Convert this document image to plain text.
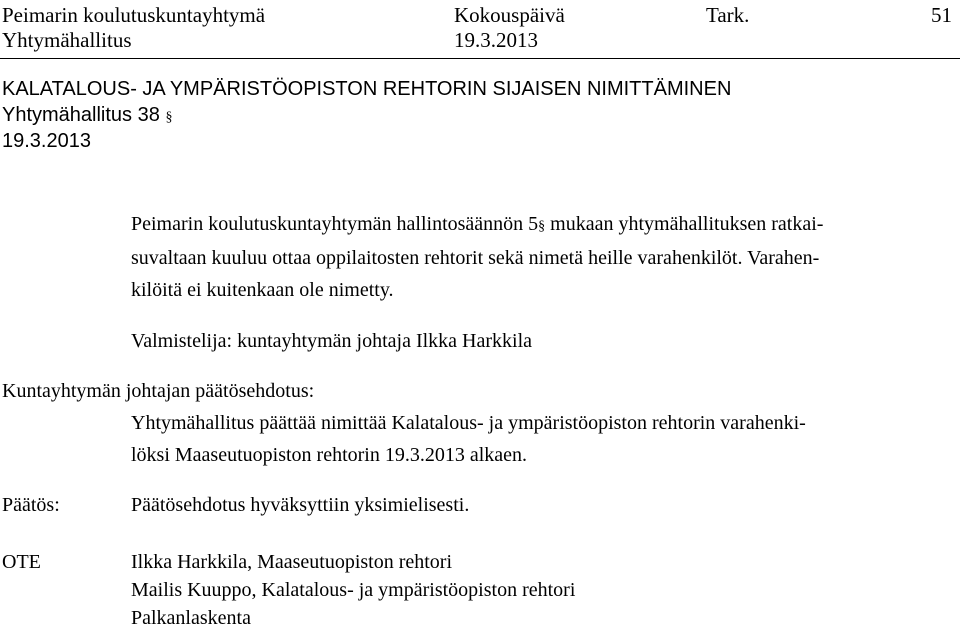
Peimarin koulutuskuntayhtymä	Kokouspäivä	Tark.	51
Yhtymähallitus	19.3.2013
KALATALOUS- JA YMPÄRISTÖOPISTON REHTORIN SIJAISEN NIMITTÄMINEN
Yhtymähallitus 38 §
19.3.2013
Peimarin koulutuskuntayhtymän hallintosäännön 5§ mukaan yhtymähallituksen ratkai-
suvaltaan kuuluu ottaa oppilaitosten rehtorit sekä nimetä heille varahenkilöt. Varahen-
kilöitä ei kuitenkaan ole nimetty.
Valmistelija: kuntayhtymän johtaja Ilkka Harkkila
Kuntayhtymän johtajan päätösehdotus:
Yhtymähallitus päättää nimittää Kalatalous- ja ympäristöopiston rehtorin varahenki-
löksi Maaseutuopiston rehtorin 19.3.2013 alkaen.
Päätös:	Päätösehdotus hyväksyttiin yksimielisesti.
OTE	Ilkka Harkkila, Maaseutuopiston rehtori
Mailis Kuuppo, Kalatalous- ja ympäristöopiston rehtori
Palkanlaskenta
